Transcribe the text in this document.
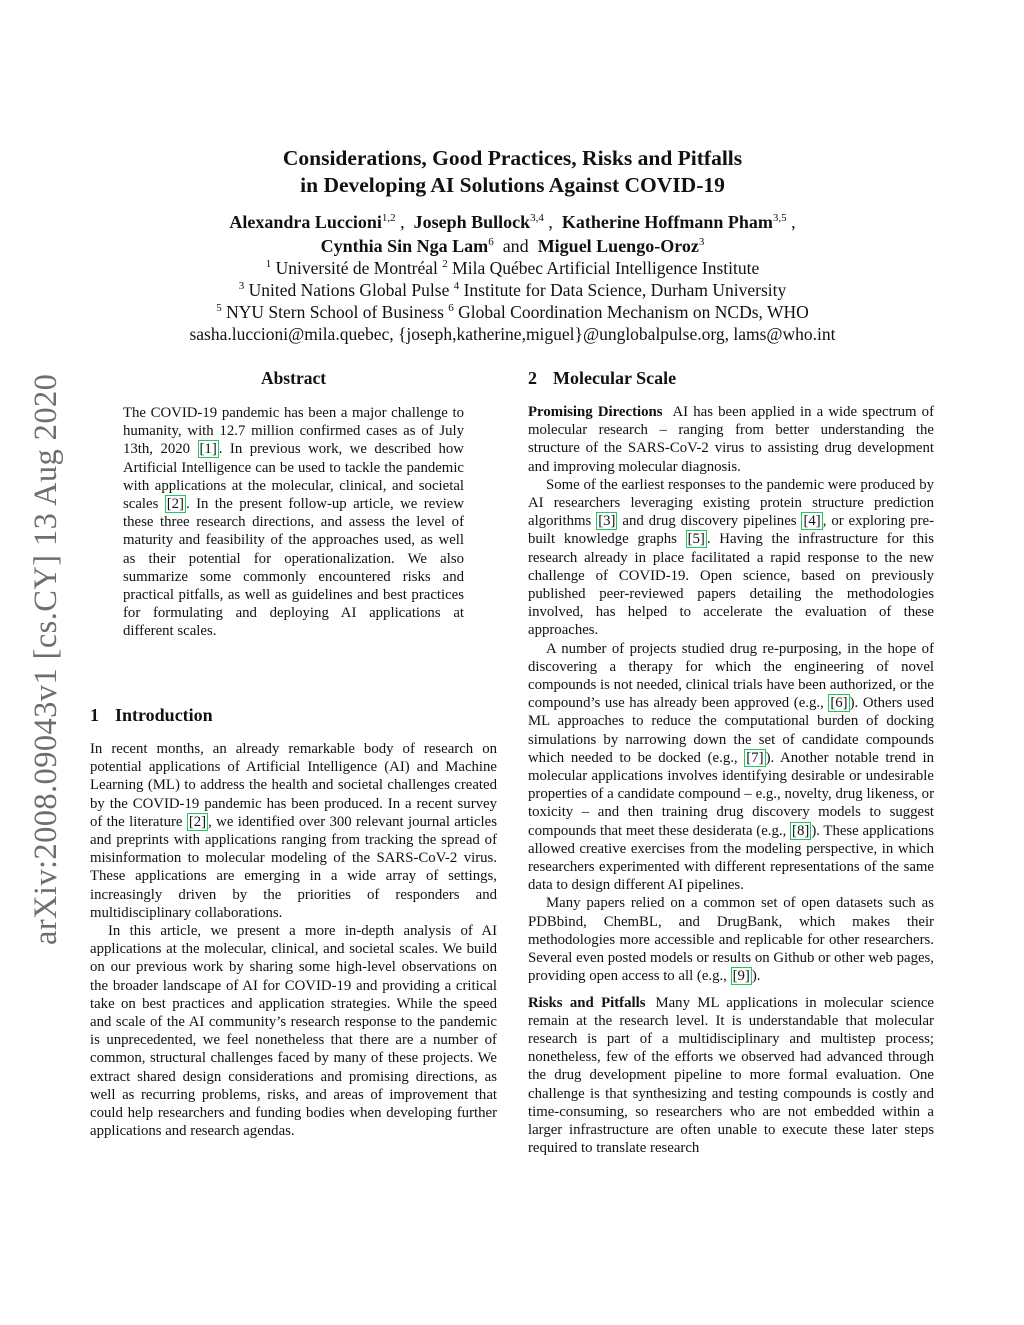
arXiv:2008.09043v1 [cs.CY] 13 Aug 2020
Considerations, Good Practices, Risks and Pitfalls
in Developing AI Solutions Against COVID-19
Alexandra Luccioni$^{1,2}$ , Joseph Bullock$^{3,4}$ , Katherine Hoffmann Pham$^{3,5}$ ,
Cynthia Sin Nga Lam$^6$ and Miguel Luengo-Oroz$^3$
$^1$ Université de Montréal $^2$ Mila Québec Artificial Intelligence Institute
$^3$ United Nations Global Pulse $^4$ Institute for Data Science, Durham University
$^5$ NYU Stern School of Business $^6$ Global Coordination Mechanism on NCDs, WHO
sasha.luccioni@mila.quebec, {joseph,katherine,miguel}@unglobalpulse.org, lams@who.int
Abstract

The COVID-19 pandemic has been a major challenge to humanity, with 12.7 million confirmed cases as of July 13th, 2020 [1] . In previous work, we described how Artificial Intelligence can be used to tackle the pandemic with applications at the molecular, clinical, and societal scales [2] . In the present follow-up article, we review these three research directions, and assess the level of maturity and feasibility of the approaches used, as well as their potential for operationalization. We also summarize some commonly encountered risks and practical pitfalls, as well as guidelines and best practices for formulating and deploying AI applications at different scales.

1 Introduction

In recent months, an already remarkable body of research on potential applications of Artificial Intelligence (AI) and Machine Learning (ML) to address the health and societal challenges created by the COVID-19 pandemic has been produced. In a recent survey of the literature [2] , we identified over 300 relevant journal articles and preprints with applications ranging from tracking the spread of misinformation to molecular modeling of the SARS-CoV-2 virus. These applications are emerging in a wide array of settings, increasingly driven by the priorities of responders and multidisciplinary collaborations.

In this article, we present a more in-depth analysis of AI applications at the molecular, clinical, and societal scales. We build on our previous work by sharing some high-level observations on the broader landscape of AI for COVID-19 and providing a critical take on best practices and application strategies. While the speed and scale of the AI community’s research response to the pandemic is unprecedented, we feel nonetheless that there are a number of common, structural challenges faced by many of these projects. We extract shared design considerations and promising directions, as well as recurring problems, risks, and areas of improvement that could help researchers and funding bodies when developing further applications and research agendas.

2 Molecular Scale

Promising Directions AI has been applied in a wide spectrum of molecular research – ranging from better understanding the structure of the SARS-CoV-2 virus to assisting drug development and improving molecular diagnosis.

Some of the earliest responses to the pandemic were produced by AI researchers leveraging existing protein structure prediction algorithms [3] and drug discovery pipelines [4] , or exploring pre-built knowledge graphs [5] . Having the infrastructure for this research already in place facilitated a rapid response to the new challenge of COVID-19. Open science, based on previously published peer-reviewed papers detailing the methodologies involved, has helped to accelerate the evaluation of these approaches.

A number of projects studied drug re-purposing, in the hope of discovering a therapy for which the engineering of novel compounds is not needed, clinical trials have been authorized, or the compound’s use has already been approved (e.g., [6] ). Others used ML approaches to reduce the computational burden of docking simulations by narrowing down the set of candidate compounds which needed to be docked (e.g., [7] ). Another notable trend in molecular applications involves identifying desirable or undesirable properties of a candidate compound – e.g., novelty, drug likeness, or toxicity – and then training drug discovery models to suggest compounds that meet these desiderata (e.g., [8] ). These applications allowed creative exercises from the modeling perspective, in which researchers experimented with different representations of the same data to design different AI pipelines.

Many papers relied on a common set of open datasets such as PDBbind, ChemBL, and DrugBank, which makes their methodologies more accessible and replicable for other researchers. Several even posted models or results on Github or other web pages, providing open access to all (e.g., [9] ).

Risks and Pitfalls Many ML applications in molecular science remain at the research level. It is understandable that molecular research is part of a multidisciplinary and multistep process; nonetheless, few of the efforts we observed had advanced through the drug development pipeline to more formal evaluation. One challenge is that synthesizing and testing compounds is costly and time-consuming, so researchers who are not embedded within a larger infrastructure are often unable to execute these later steps required to translate research
